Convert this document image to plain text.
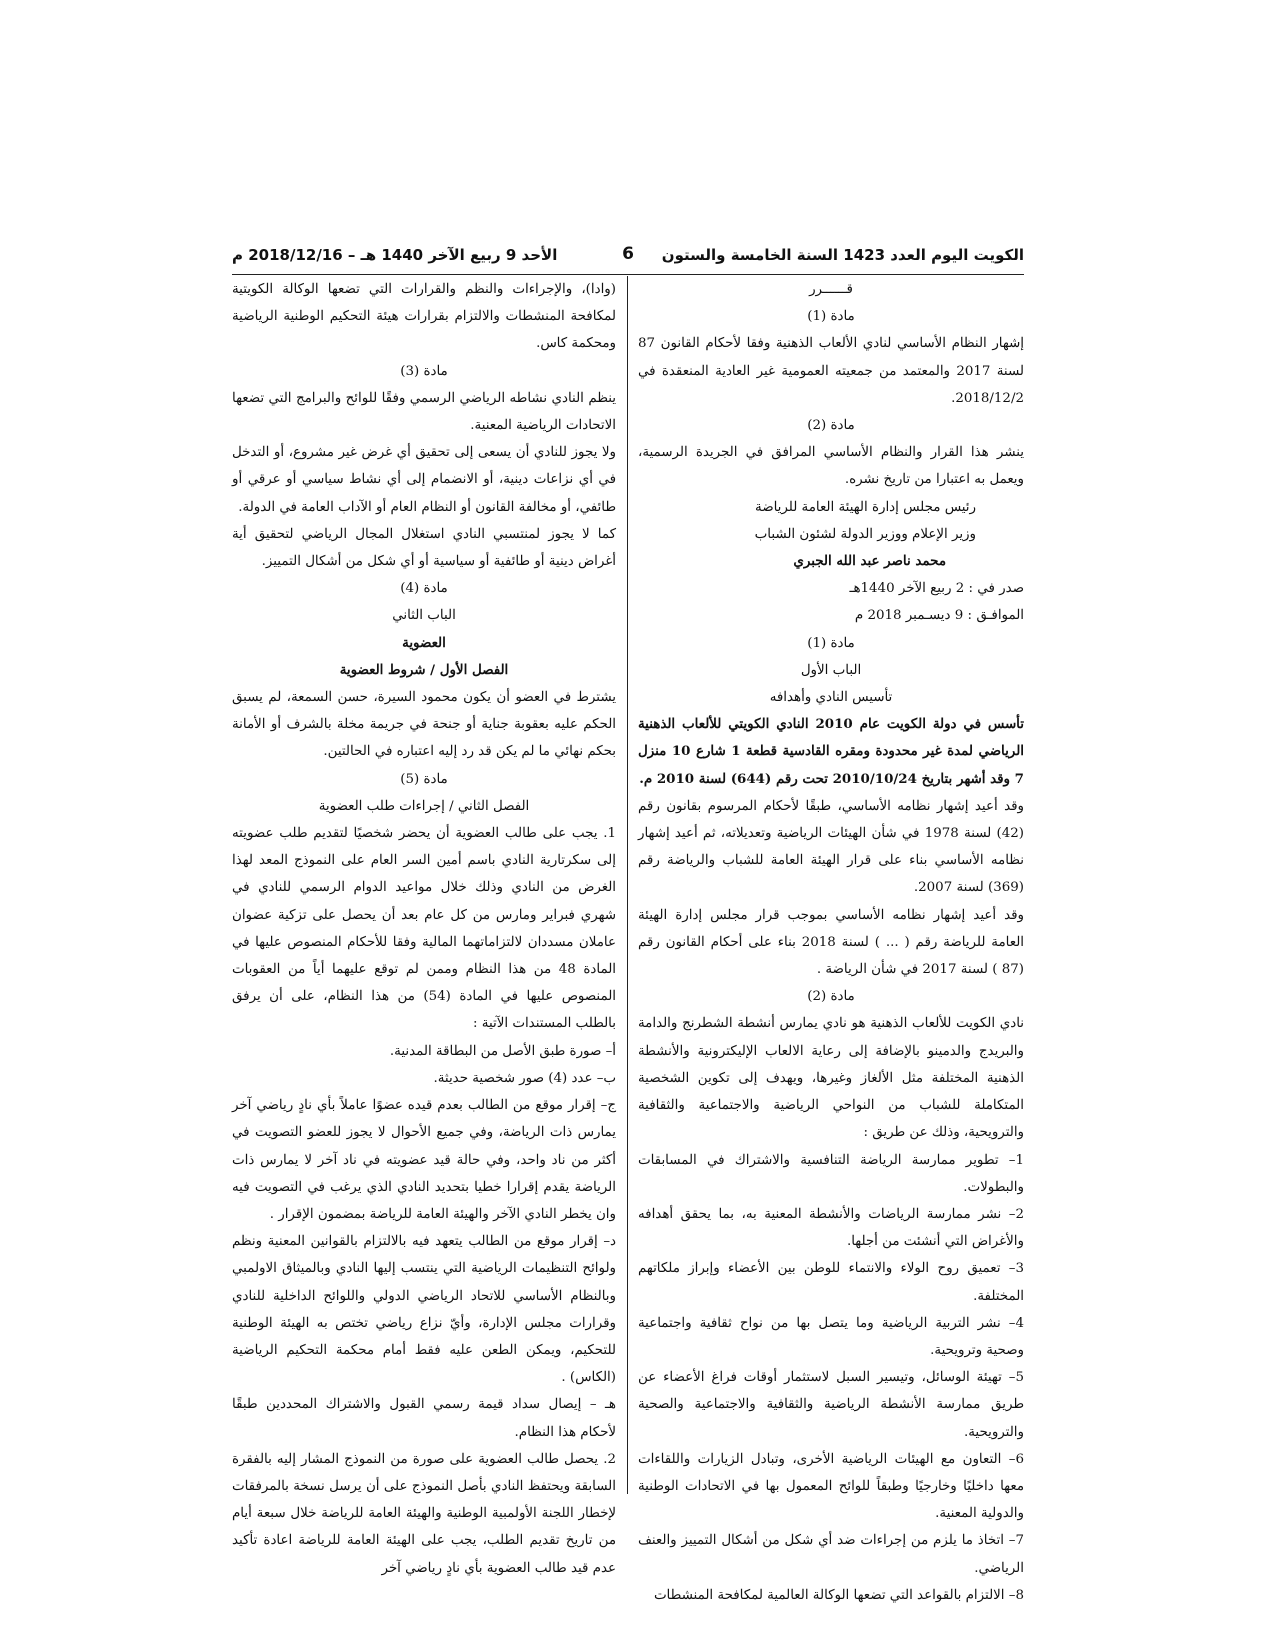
الكويت اليوم العدد 1423 السنة الخامسة والستون
6
الأحد 9 ربيع الآخر 1440 هـ – 2018/12/16 م

قــــــرر

مادة (1)

إشهار النظام الأساسي لنادي الألعاب الذهنية وفقا لأحكام القانون 87 لسنة 2017 والمعتمد من جمعيته العمومية غير العادية المنعقدة في 2018/12/2.

مادة (2)

ينشر هذا القرار والنظام الأساسي المرافق في الجريدة الرسمية، ويعمل به اعتبارا من تاريخ نشره.

رئيس مجلس إدارة الهيئة العامة للرياضة

وزير الإعلام ووزير الدولة لشئون الشباب

محمد ناصر عبد الله الجبري

صدر في : 2 ربيع الآخر 1440هـ

الموافـق : 9 ديسـمبر 2018 م

مادة (1)

الباب الأول

تأسيس النادي وأهدافه

تأسس في دولة الكويت عام 2010 النادي الكويتي للألعاب الذهنية الرياضي لمدة غير محدودة ومقره القادسية قطعة 1 شارع 10 منزل 7 وقد أشهر بتاريخ 2010/10/24 تحت رقم (644) لسنة 2010 م.

وقد أعيد إشهار نظامه الأساسي، طبقًا لأحكام المرسوم بقانون رقم (42) لسنة 1978 في شأن الهيئات الرياضية وتعديلاته، ثم أعيد إشهار نظامه الأساسي بناء على قرار الهيئة العامة للشباب والرياضة رقم (369) لسنة 2007.

وقد أعيد إشهار نظامه الأساسي بموجب قرار مجلس إدارة الهيئة العامة للرياضة رقم ( ... ) لسنة 2018 بناء على أحكام القانون رقم (87 ) لسنة 2017 في شأن الرياضة .

مادة (2)

نادي الكويت للألعاب الذهنية هو نادي يمارس أنشطة الشطرنج والدامة والبريدج والدمينو بالإضافة إلى رعاية الالعاب الإليكترونية والأنشطة الذهنية المختلفة مثل الألغاز وغيرها، ويهدف إلى تكوين الشخصية المتكاملة للشباب من النواحي الرياضية والاجتماعية والثقافية والترويحية، وذلك عن طريق :

1– تطوير ممارسة الرياضة التنافسية والاشتراك في المسابقات والبطولات.

2– نشر ممارسة الرياضات والأنشطة المعنية به، بما يحقق أهدافه والأغراض التي أنشئت من أجلها.

3– تعميق روح الولاء والانتماء للوطن بين الأعضاء وإبراز ملكاتهم المختلفة.

4– نشر التربية الرياضية وما يتصل بها من نواح ثقافية واجتماعية وصحية وترويحية.

5– تهيئة الوسائل، وتيسير السبل لاستثمار أوقات فراغ الأعضاء عن طريق ممارسة الأنشطة الرياضية والثقافية والاجتماعية والصحية والترويحية.

6– التعاون مع الهيئات الرياضية الأخرى، وتبادل الزيارات واللقاءات معها داخليًا وخارجيًا وطبقاً للوائح المعمول بها في الاتحادات الوطنية والدولية المعنية.

7– اتخاذ ما يلزم من إجراءات ضد أي شكل من أشكال التمييز والعنف الرياضي.

8– الالتزام بالقواعد التي تضعها الوكالة العالمية لمكافحة المنشطات

(وادا)، والإجراءات والنظم والقرارات التي تضعها الوكالة الكويتية لمكافحة المنشطات والالتزام بقرارات هيئة التحكيم الوطنية الرياضية ومحكمة كاس.

مادة (3)

ينظم النادي نشاطه الرياضي الرسمي وفقًا للوائح والبرامج التي تضعها الاتحادات الرياضية المعنية.

ولا يجوز للنادي أن يسعى إلى تحقيق أي غرض غير مشروع، أو التدخل في أي نزاعات دينية، أو الانضمام إلى أي نشاط سياسي أو عرقي أو طائفي، أو مخالفة القانون أو النظام العام أو الآداب العامة في الدولة.

كما لا يجوز لمنتسبي النادي استغلال المجال الرياضي لتحقيق أية أغراض دينية أو طائفية أو سياسية أو أي شكل من أشكال التمييز.

مادة (4)

الباب الثاني

العضوية

الفصل الأول / شروط العضوية

يشترط في العضو أن يكون محمود السيرة، حسن السمعة، لم يسبق الحكم عليه بعقوبة جناية أو جنحة في جريمة مخلة بالشرف أو الأمانة بحكم نهائي ما لم يكن قد رد إليه اعتباره في الحالتين.

مادة (5)

الفصل الثاني / إجراءات طلب العضوية

1. يجب على طالب العضوية أن يحضر شخصيًا لتقديم طلب عضويته إلى سكرتارية النادي باسم أمين السر العام على النموذج المعد لهذا الغرض من النادي وذلك خلال مواعيد الدوام الرسمي للنادي في شهري فبراير ومارس من كل عام بعد أن يحصل على تزكية عضوان عاملان مسددان لالتزاماتهما المالية وفقا للأحكام المنصوص عليها في المادة 48 من هذا النظام وممن لم توقع عليهما أياً من العقوبات المنصوص عليها في المادة (54) من هذا النظام، على أن يرفق بالطلب المستندات الآتية :

أ– صورة طبق الأصل من البطاقة المدنية.

ب– عدد (4) صور شخصية حديثة.

ج– إقرار موقع من الطالب بعدم قيده عضوًا عاملاً بأي نادٍ رياضي آخر يمارس ذات الرياضة، وفي جميع الأحوال لا يجوز للعضو التصويت في أكثر من ناد واحد، وفي حالة قيد عضويته في ناد آخر لا يمارس ذات الرياضة يقدم إقرارا خطيا بتحديد النادي الذي يرغب في التصويت فيه وان يخطر النادي الآخر والهيئة العامة للرياضة بمضمون الإقرار .

د– إقرار موقع من الطالب يتعهد فيه بالالتزام بالقوانين المعنية ونظم ولوائح التنظيمات الرياضية التي ينتسب إليها النادي وبالميثاق الاولمبي وبالنظام الأساسي للاتحاد الرياضي الدولي واللوائح الداخلية للنادي وقرارات مجلس الإدارة، وأيّ نزاع رياضي تختص به الهيئة الوطنية للتحكيم، ويمكن الطعن عليه فقط أمام محكمة التحكيم الرياضية (الكاس) .

هـ – إيصال سداد قيمة رسمي القبول والاشتراك المحددين طبقًا لأحكام هذا النظام.

2. يحصل طالب العضوية على صورة من النموذج المشار إليه بالفقرة السابقة ويحتفظ النادي بأصل النموذج على أن يرسل نسخة بالمرفقات لإخطار اللجنة الأولمبية الوطنية والهيئة العامة للرياضة خلال سبعة أيام من تاريخ تقديم الطلب، يجب على الهيئة العامة للرياضة اعادة تأكيد عدم قيد طالب العضوية بأي نادٍ رياضي آخر
